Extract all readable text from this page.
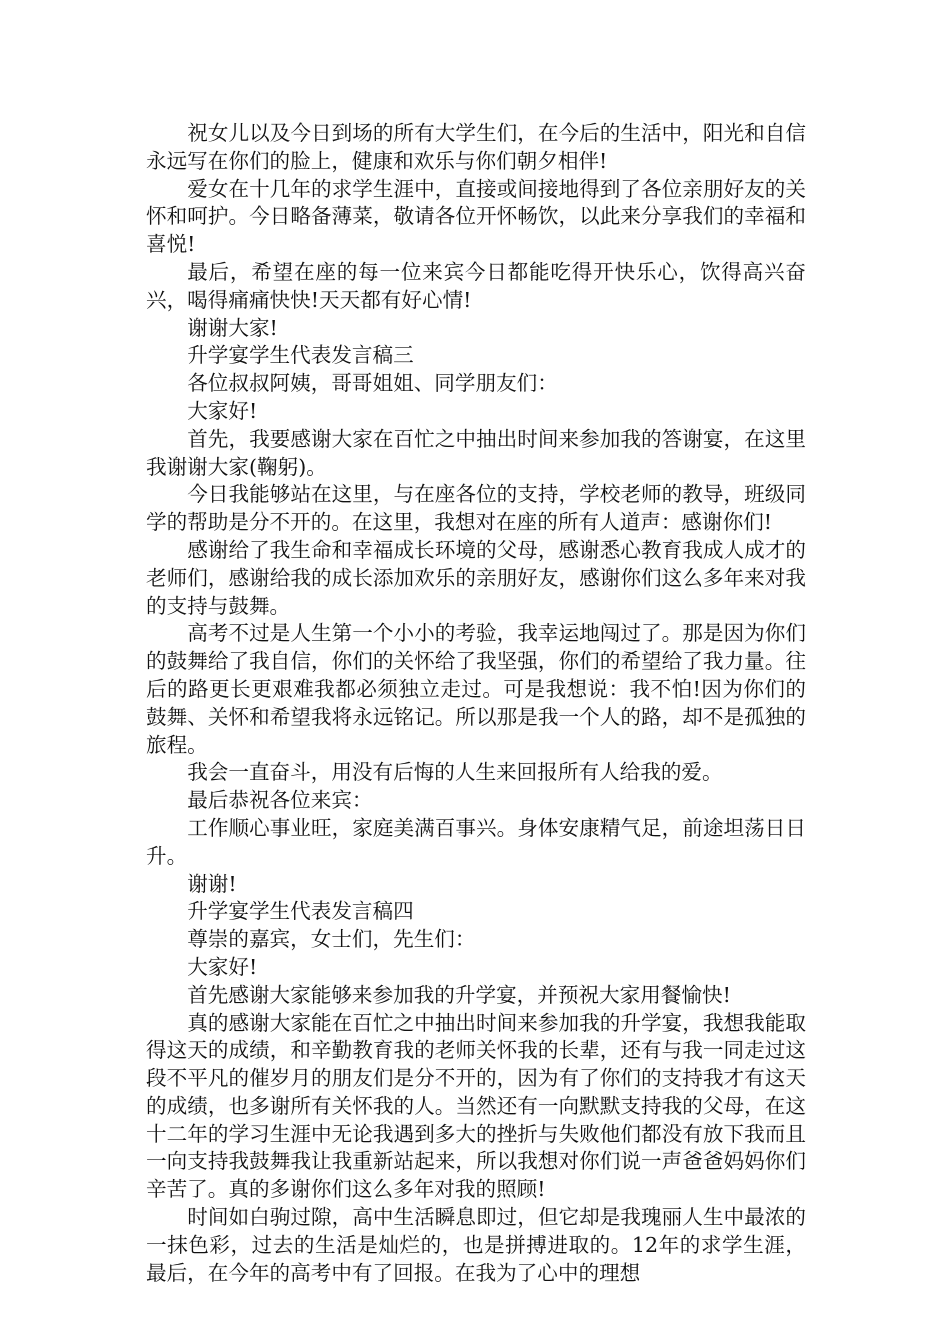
祝女儿以及今日到场的所有大学生们，在今后的生活中，阳光和自信永远写在你们的脸上，健康和欢乐与你们朝夕相伴!

爱女在十几年的求学生涯中，直接或间接地得到了各位亲朋好友的关怀和呵护。今日略备薄菜，敬请各位开怀畅饮，以此来分享我们的幸福和喜悦!

最后，希望在座的每一位来宾今日都能吃得开快乐心，饮得高兴奋兴，喝得痛痛快快!天天都有好心情!

谢谢大家!

升学宴学生代表发言稿三

各位叔叔阿姨，哥哥姐姐、同学朋友们：

大家好!

首先，我要感谢大家在百忙之中抽出时间来参加我的答谢宴，在这里我谢谢大家(鞠躬)。

今日我能够站在这里，与在座各位的支持，学校老师的教导，班级同学的帮助是分不开的。在这里，我想对在座的所有人道声：感谢你们!

感谢给了我生命和幸福成长环境的父母，感谢悉心教育我成人成才的老师们，感谢给我的成长添加欢乐的亲朋好友，感谢你们这么多年来对我的支持与鼓舞。

高考不过是人生第一个小小的考验，我幸运地闯过了。那是因为你们的鼓舞给了我自信，你们的关怀给了我坚强，你们的希望给了我力量。往后的路更长更艰难我都必须独立走过。可是我想说：我不怕!因为你们的鼓舞、关怀和希望我将永远铭记。所以那是我一个人的路，却不是孤独的旅程。

我会一直奋斗，用没有后悔的人生来回报所有人给我的爱。

最后恭祝各位来宾：

工作顺心事业旺，家庭美满百事兴。身体安康精气足，前途坦荡日日升。

谢谢!

升学宴学生代表发言稿四

尊崇的嘉宾，女士们，先生们：

大家好!

首先感谢大家能够来参加我的升学宴，并预祝大家用餐愉快!

真的感谢大家能在百忙之中抽出时间来参加我的升学宴，我想我能取得这天的成绩，和辛勤教育我的老师关怀我的长辈，还有与我一同走过这段不平凡的催岁月的朋友们是分不开的，因为有了你们的支持我才有这天的成绩，也多谢所有关怀我的人。当然还有一向默默支持我的父母，在这十二年的学习生涯中无论我遇到多大的挫折与失败他们都没有放下我而且一向支持我鼓舞我让我重新站起来，所以我想对你们说一声爸爸妈妈你们辛苦了。真的多谢你们这么多年对我的照顾!

时间如白驹过隙，高中生活瞬息即过，但它却是我瑰丽人生中最浓的一抹色彩，过去的生活是灿烂的，也是拼搏进取的。12年的求学生涯，最后，在今年的高考中有了回报。在我为了心中的理想
